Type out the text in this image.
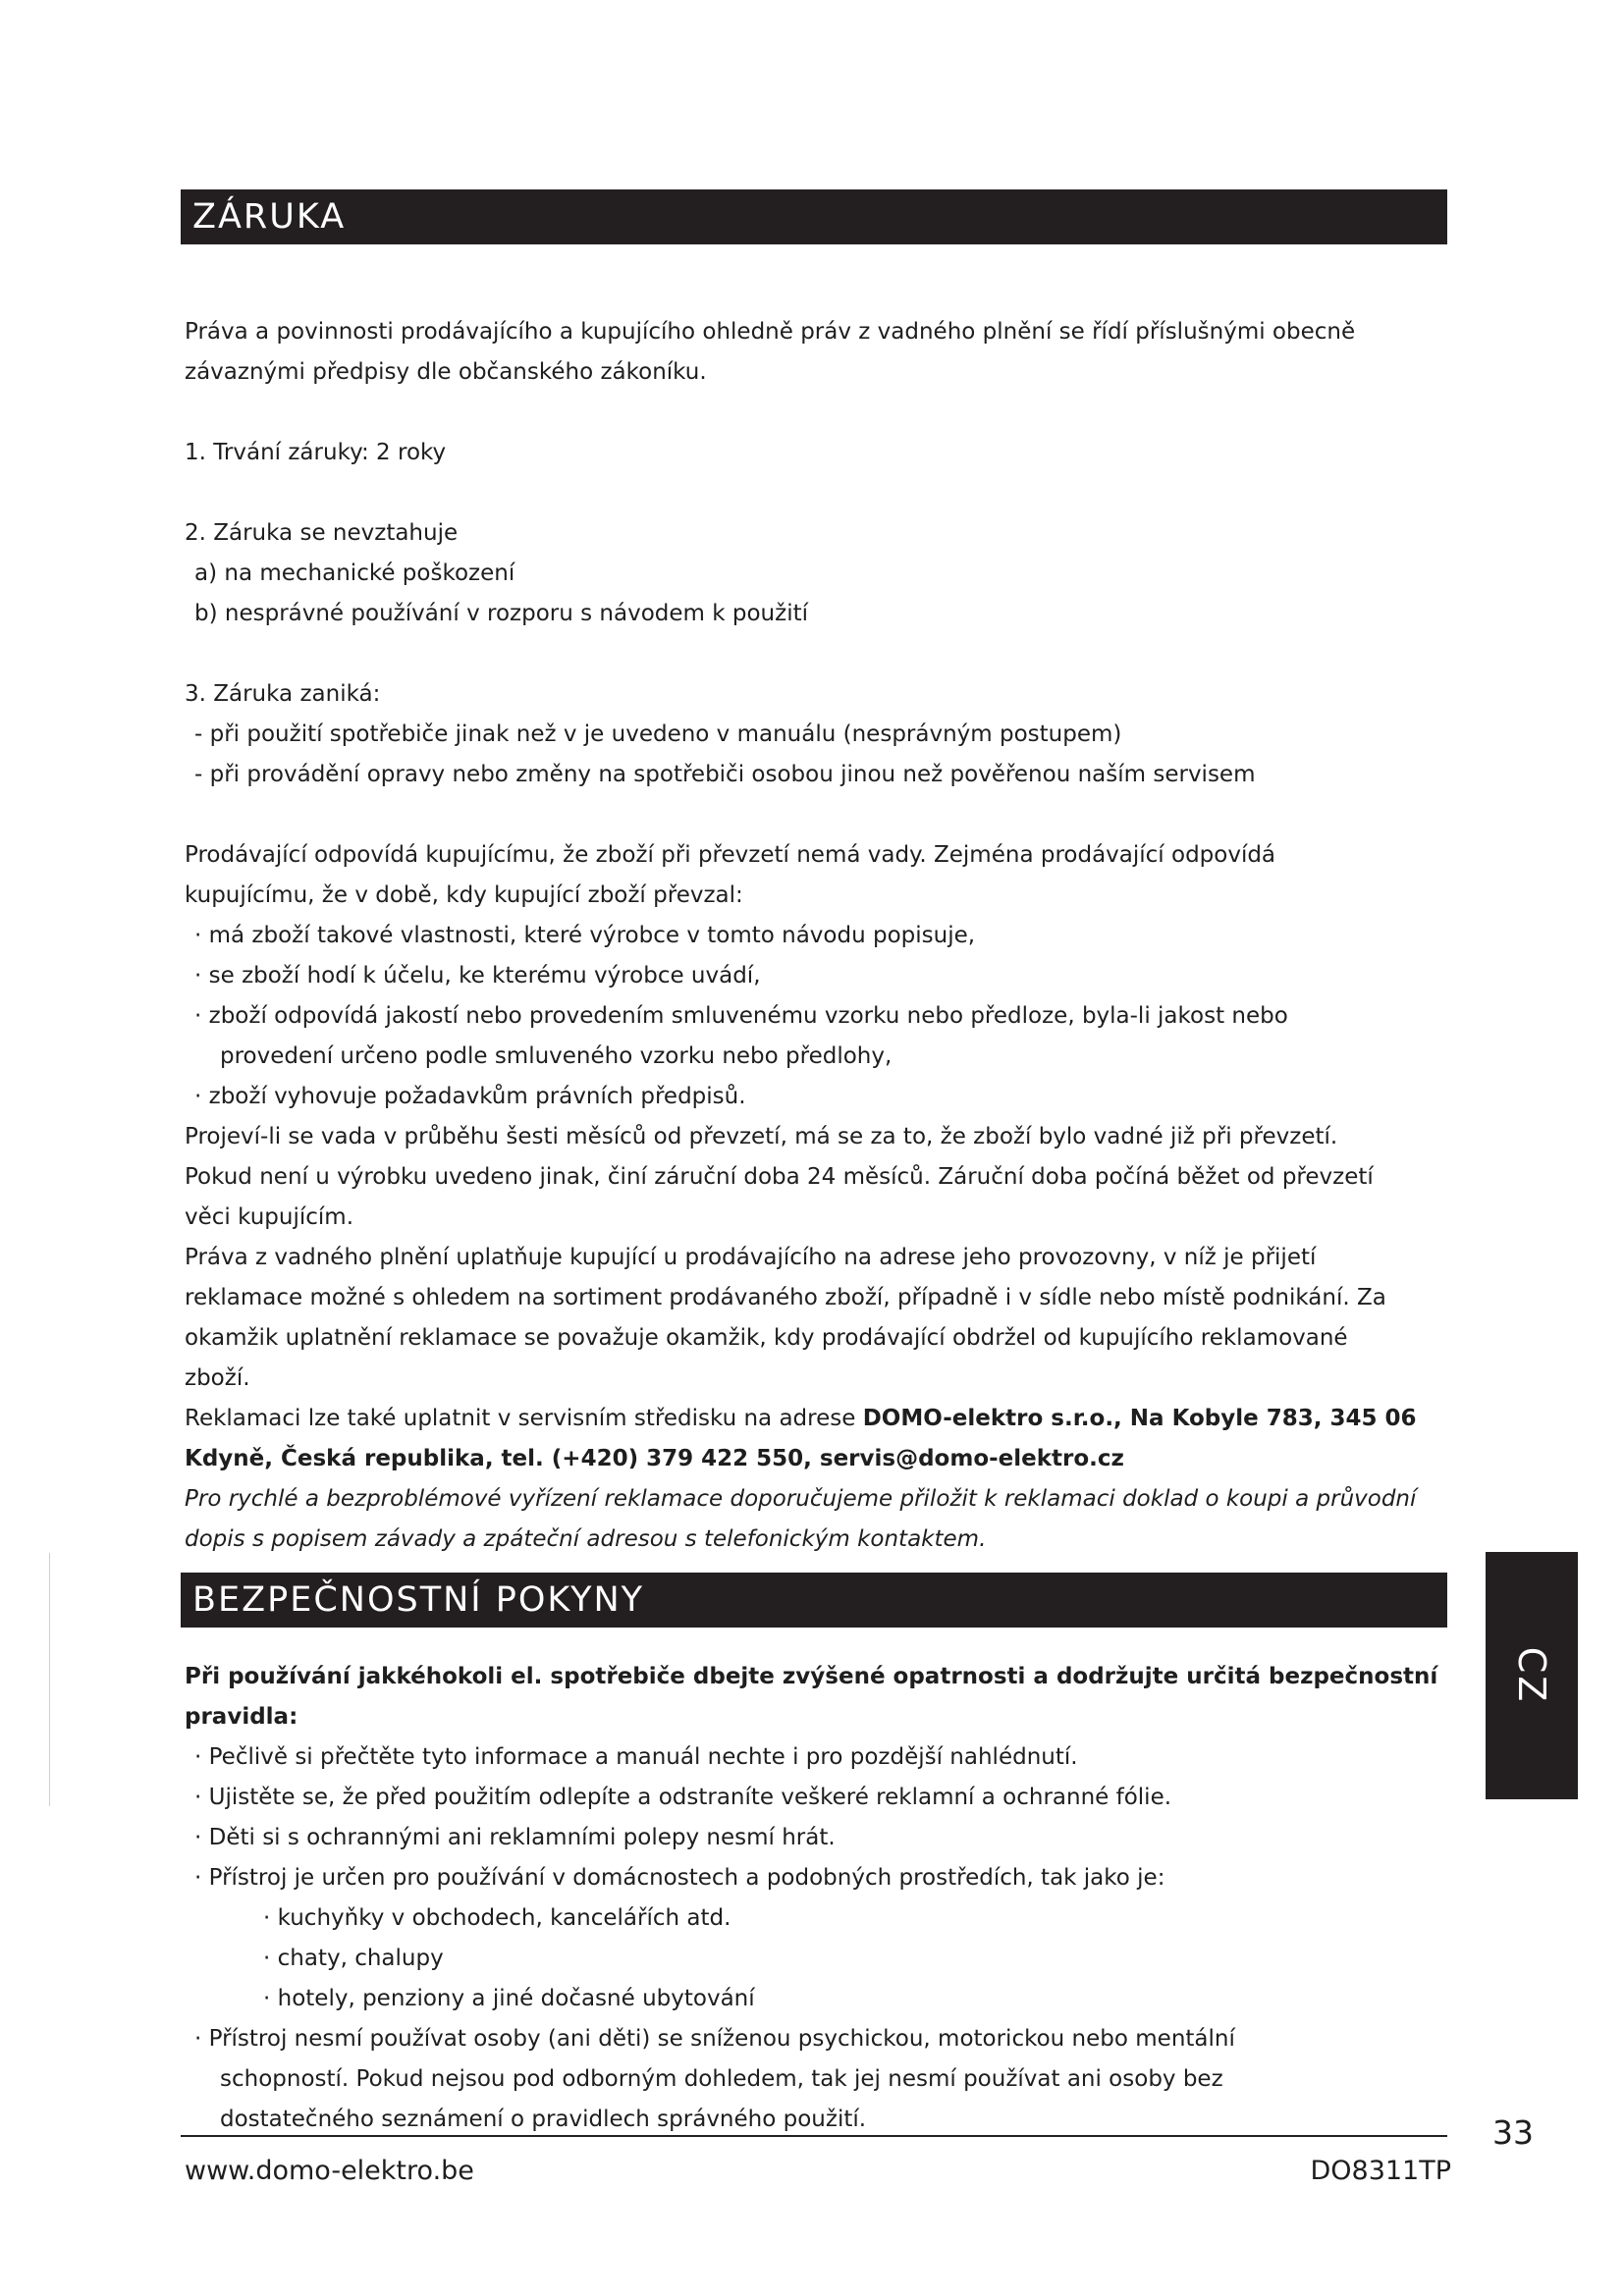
ZÁRUKA
Práva a povinnosti prodávajícího a kupujícího ohledně práv z vadného plnění se řídí příslušnými obecně
závaznými předpisy dle občanského zákoníku.
1. Trvání záruky: 2 roky
2. Záruka se nevztahuje
a) na mechanické poškození
b) nesprávné používání v rozporu s návodem k použití
3. Záruka zaniká:
- při použití spotřebiče jinak než v je uvedeno v manuálu (nesprávným postupem)
- při provádění opravy nebo změny na spotřebiči osobou jinou než pověřenou naším servisem
Prodávající odpovídá kupujícímu, že zboží při převzetí nemá vady. Zejména prodávající odpovídá
kupujícímu, že v době, kdy kupující zboží převzal:
· má zboží takové vlastnosti, které výrobce v tomto návodu popisuje,
· se zboží hodí k účelu, ke kterému výrobce uvádí,
· zboží odpovídá jakostí nebo provedením smluvenému vzorku nebo předloze, byla-li jakost nebo
provedení určeno podle smluveného vzorku nebo předlohy,
· zboží vyhovuje požadavkům právních předpisů.
Projeví-li se vada v průběhu šesti měsíců od převzetí, má se za to, že zboží bylo vadné již při převzetí.
Pokud není u výrobku uvedeno jinak, činí záruční doba 24 měsíců. Záruční doba počíná běžet od převzetí
věci kupujícím.
Práva z vadného plnění uplatňuje kupující u prodávajícího na adrese jeho provozovny, v níž je přijetí
reklamace možné s ohledem na sortiment prodávaného zboží, případně i v sídle nebo místě podnikání. Za
okamžik uplatnění reklamace se považuje okamžik, kdy prodávající obdržel od kupujícího reklamované
zboží.
Reklamaci lze také uplatnit v servisním středisku na adrese DOMO-elektro s.r.o., Na Kobyle 783, 345 06
Kdyně, Česká republika, tel. (+420) 379 422 550, servis@domo-elektro.cz
Pro rychlé a bezproblémové vyřízení reklamace doporučujeme přiložit k reklamaci doklad o koupi a průvodní
dopis s popisem závady a zpáteční adresou s telefonickým kontaktem.
BEZPEČNOSTNÍ POKYNY
Při používání jakkéhokoli el. spotřebiče dbejte zvýšené opatrnosti a dodržujte určitá bezpečnostní
pravidla:
· Pečlivě si přečtěte tyto informace a manuál nechte i pro pozdější nahlédnutí.
· Ujistěte se, že před použitím odlepíte a odstraníte veškeré reklamní a ochranné fólie.
· Děti si s ochrannými ani reklamními polepy nesmí hrát.
· Přístroj je určen pro používání v domácnostech a podobných prostředích, tak jako je:
· kuchyňky v obchodech, kancelářích atd.
· chaty, chalupy
· hotely, penziony a jiné dočasné ubytování
· Přístroj nesmí používat osoby (ani děti) se sníženou psychickou, motorickou nebo mentální
schopností. Pokud nejsou pod odborným dohledem, tak jej nesmí používat ani osoby bez
dostatečného seznámení o pravidlech správného použití.
CZ
33
www.domo-elektro.be	DO8311TP
